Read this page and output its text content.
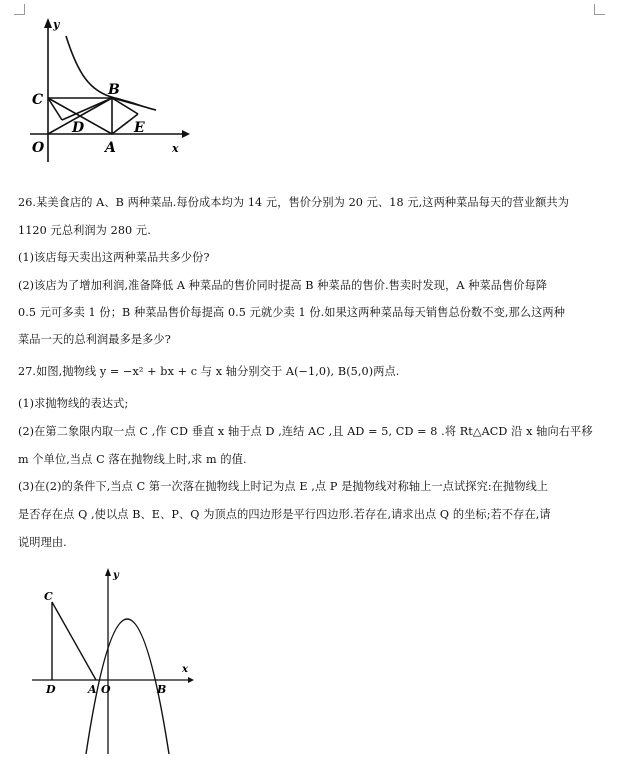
y
x
O	A
B
C
D	E
26.某美食店的 A、B 两种菜品.每份成本均为 14 元，售价分别为 20 元、18 元,这两种菜品每天的营业额共为
1120 元总利润为 280 元.
(1)该店每天卖出这两种菜品共多少份?
(2)该店为了增加利润,准备降低 A 种菜品的售价同时提高 B 种菜品的售价.售卖时发现，A 种菜品售价每降
0.5 元可多卖 1 份；B 种菜品售价每提高 0.5 元就少卖 1 份.如果这两种菜品每天销售总份数不变,那么这两种
菜品一天的总利润最多是多少?
27.如图,抛物线 y = −x² + bx + c 与 x 轴分别交于 A(−1,0), B(5,0)两点.
(1)求抛物线的表达式;
(2)在第二象限内取一点 C ,作 CD 垂直 x 轴于点 D ,连结 AC ,且 AD = 5, CD = 8 .将 Rt△ACD 沿 x 轴向右平移
m 个单位,当点 C 落在抛物线上时,求 m 的值.
(3)在(2)的条件下,当点 C 第一次落在抛物线上时记为点 E ,点 P 是抛物线对称轴上一点试探究:在抛物线上
是否存在点 Q ,使以点 B、E、P、Q 为顶点的四边形是平行四边形.若存在,请求出点 Q 的坐标;若不存在,请
说明理由.
y
x
C
D	A O	B
